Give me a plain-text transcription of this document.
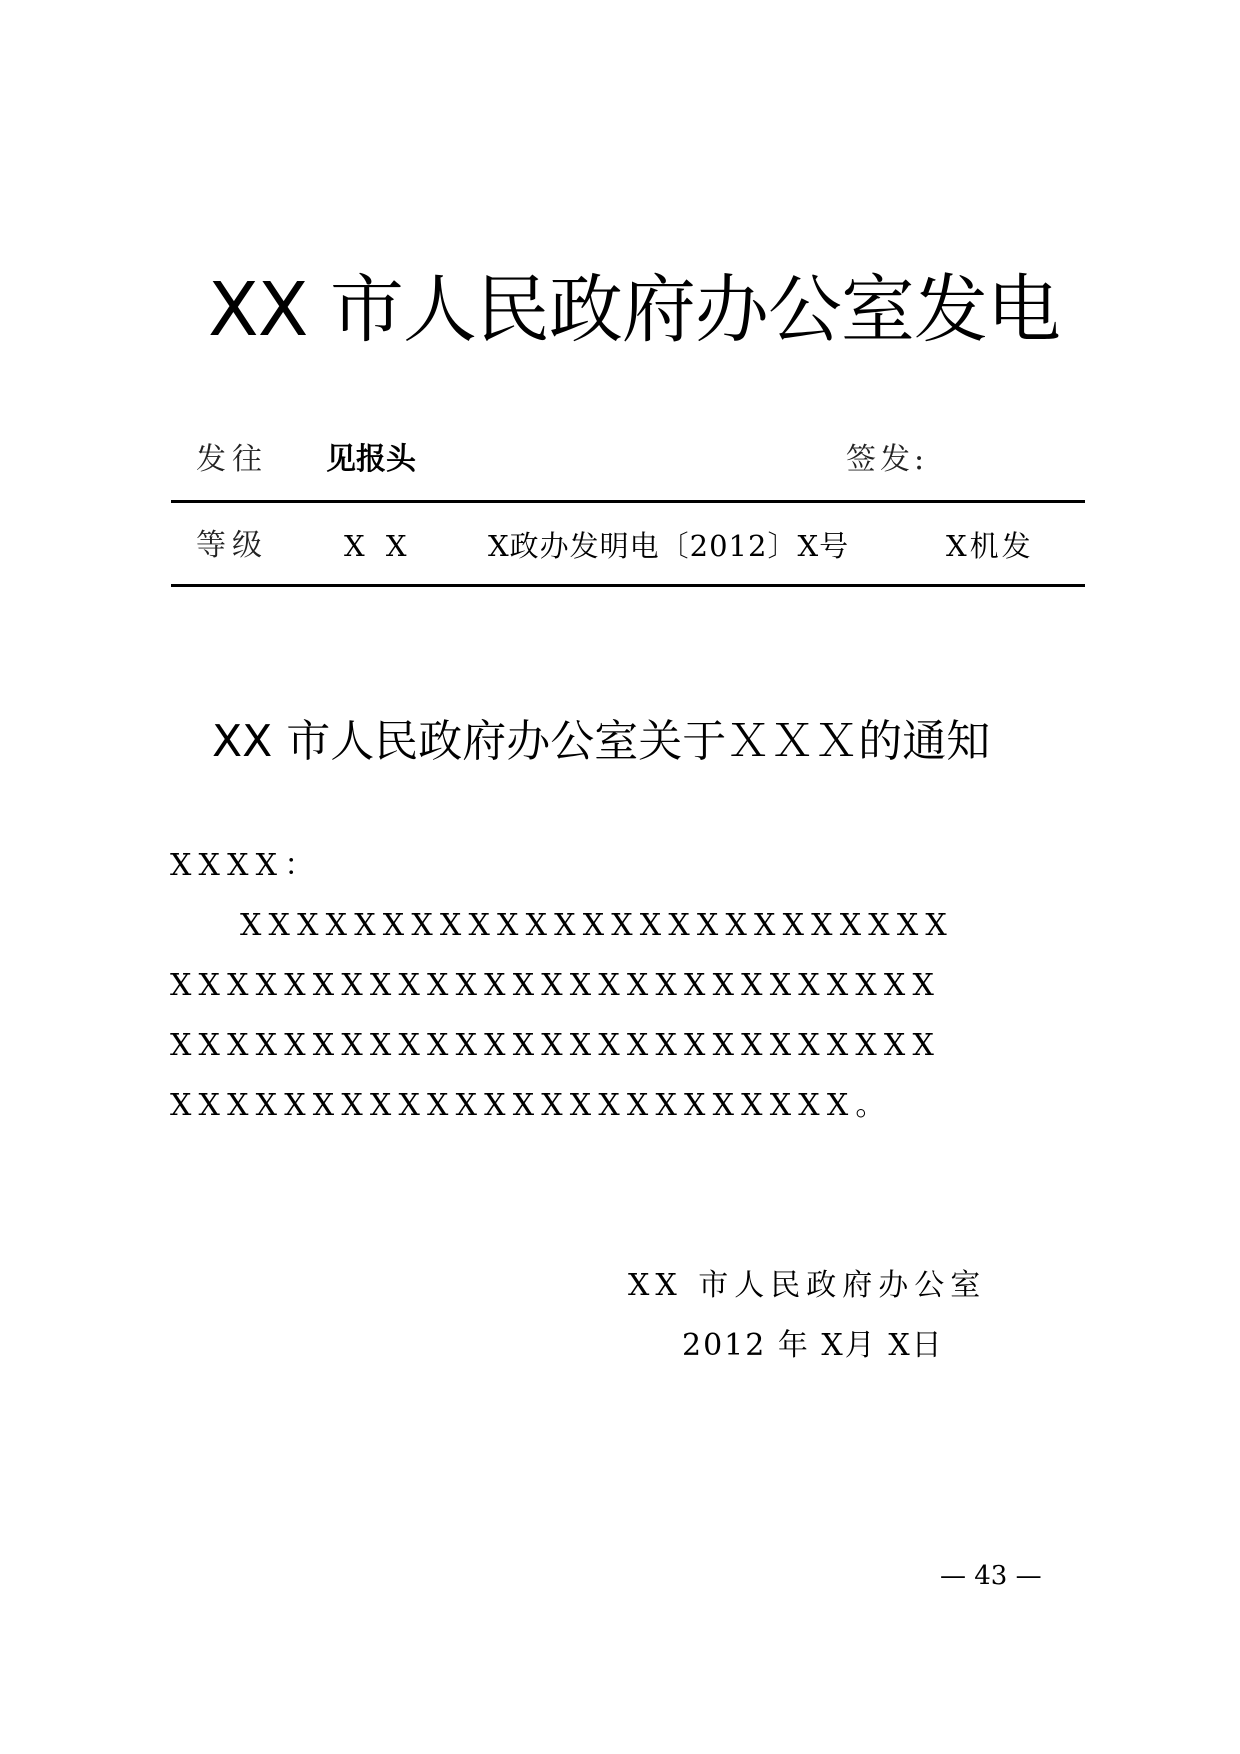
XX 市人民政府办公室发电
发往 见报头	签发:
等级	X X	X政办发明电〔2012〕X号	X机发
XX 市人民政府办公室关于ＸＸＸ的通知
XXXX：
XXXXXXXXXXXXXXXXXXXXXXXXX
XXXXXXXXXXXXXXXXXXXXXXXXXXX
XXXXXXXXXXXXXXXXXXXXXXXXXXX
XXXXXXXXXXXXXXXXXXXXXXXX。
XX 市人民政府办公室
2012 年 X月 X日
— 43 —
